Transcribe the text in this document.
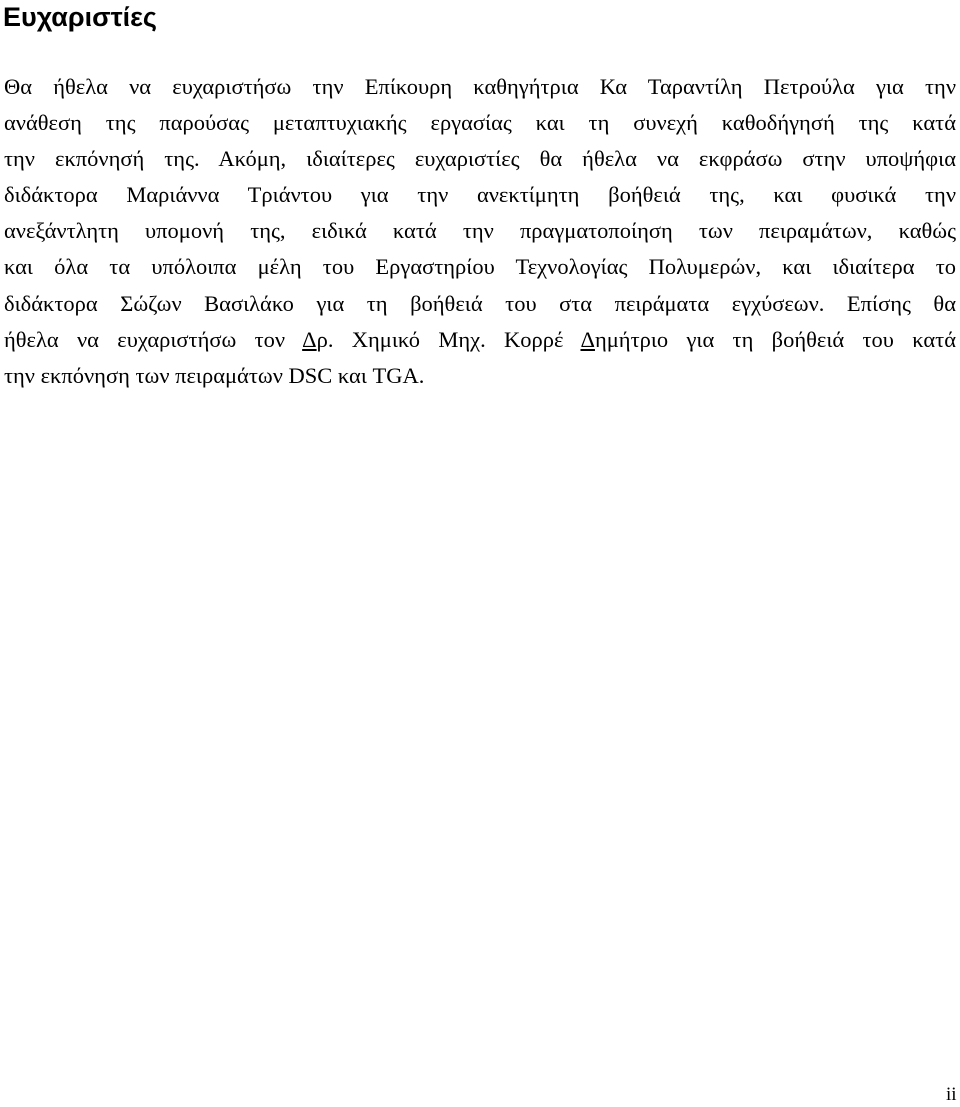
Ευχαριστίες
Θα ήθελα να ευχαριστήσω την Επίκουρη καθηγήτρια Κα Ταραντίλη Πετρούλα για την
ανάθεση της παρούσας μεταπτυχιακής εργασίας και τη συνεχή καθοδήγησή της κατά
την εκπόνησή της. Ακόμη, ιδιαίτερες ευχαριστίες θα ήθελα να εκφράσω στην υποψήφια
διδάκτορα Μαριάννα Τριάντου για την ανεκτίμητη βοήθειά της, και φυσικά την
ανεξάντλητη υπομονή της, ειδικά κατά την πραγματοποίηση των πειραμάτων, καθώς
και όλα τα υπόλοιπα μέλη του Εργαστηρίου Τεχνολογίας Πολυμερών, και ιδιαίτερα το
διδάκτορα Σώζων Βασιλάκο για τη βοήθειά του στα πειράματα εγχύσεων. Επίσης θα
ήθελα να ευχαριστήσω τον Δρ. Χημικό Μηχ. Κορρέ Δημήτριο για τη βοήθειά του κατά
την εκπόνηση των πειραμάτων DSC και TGA.
ii
